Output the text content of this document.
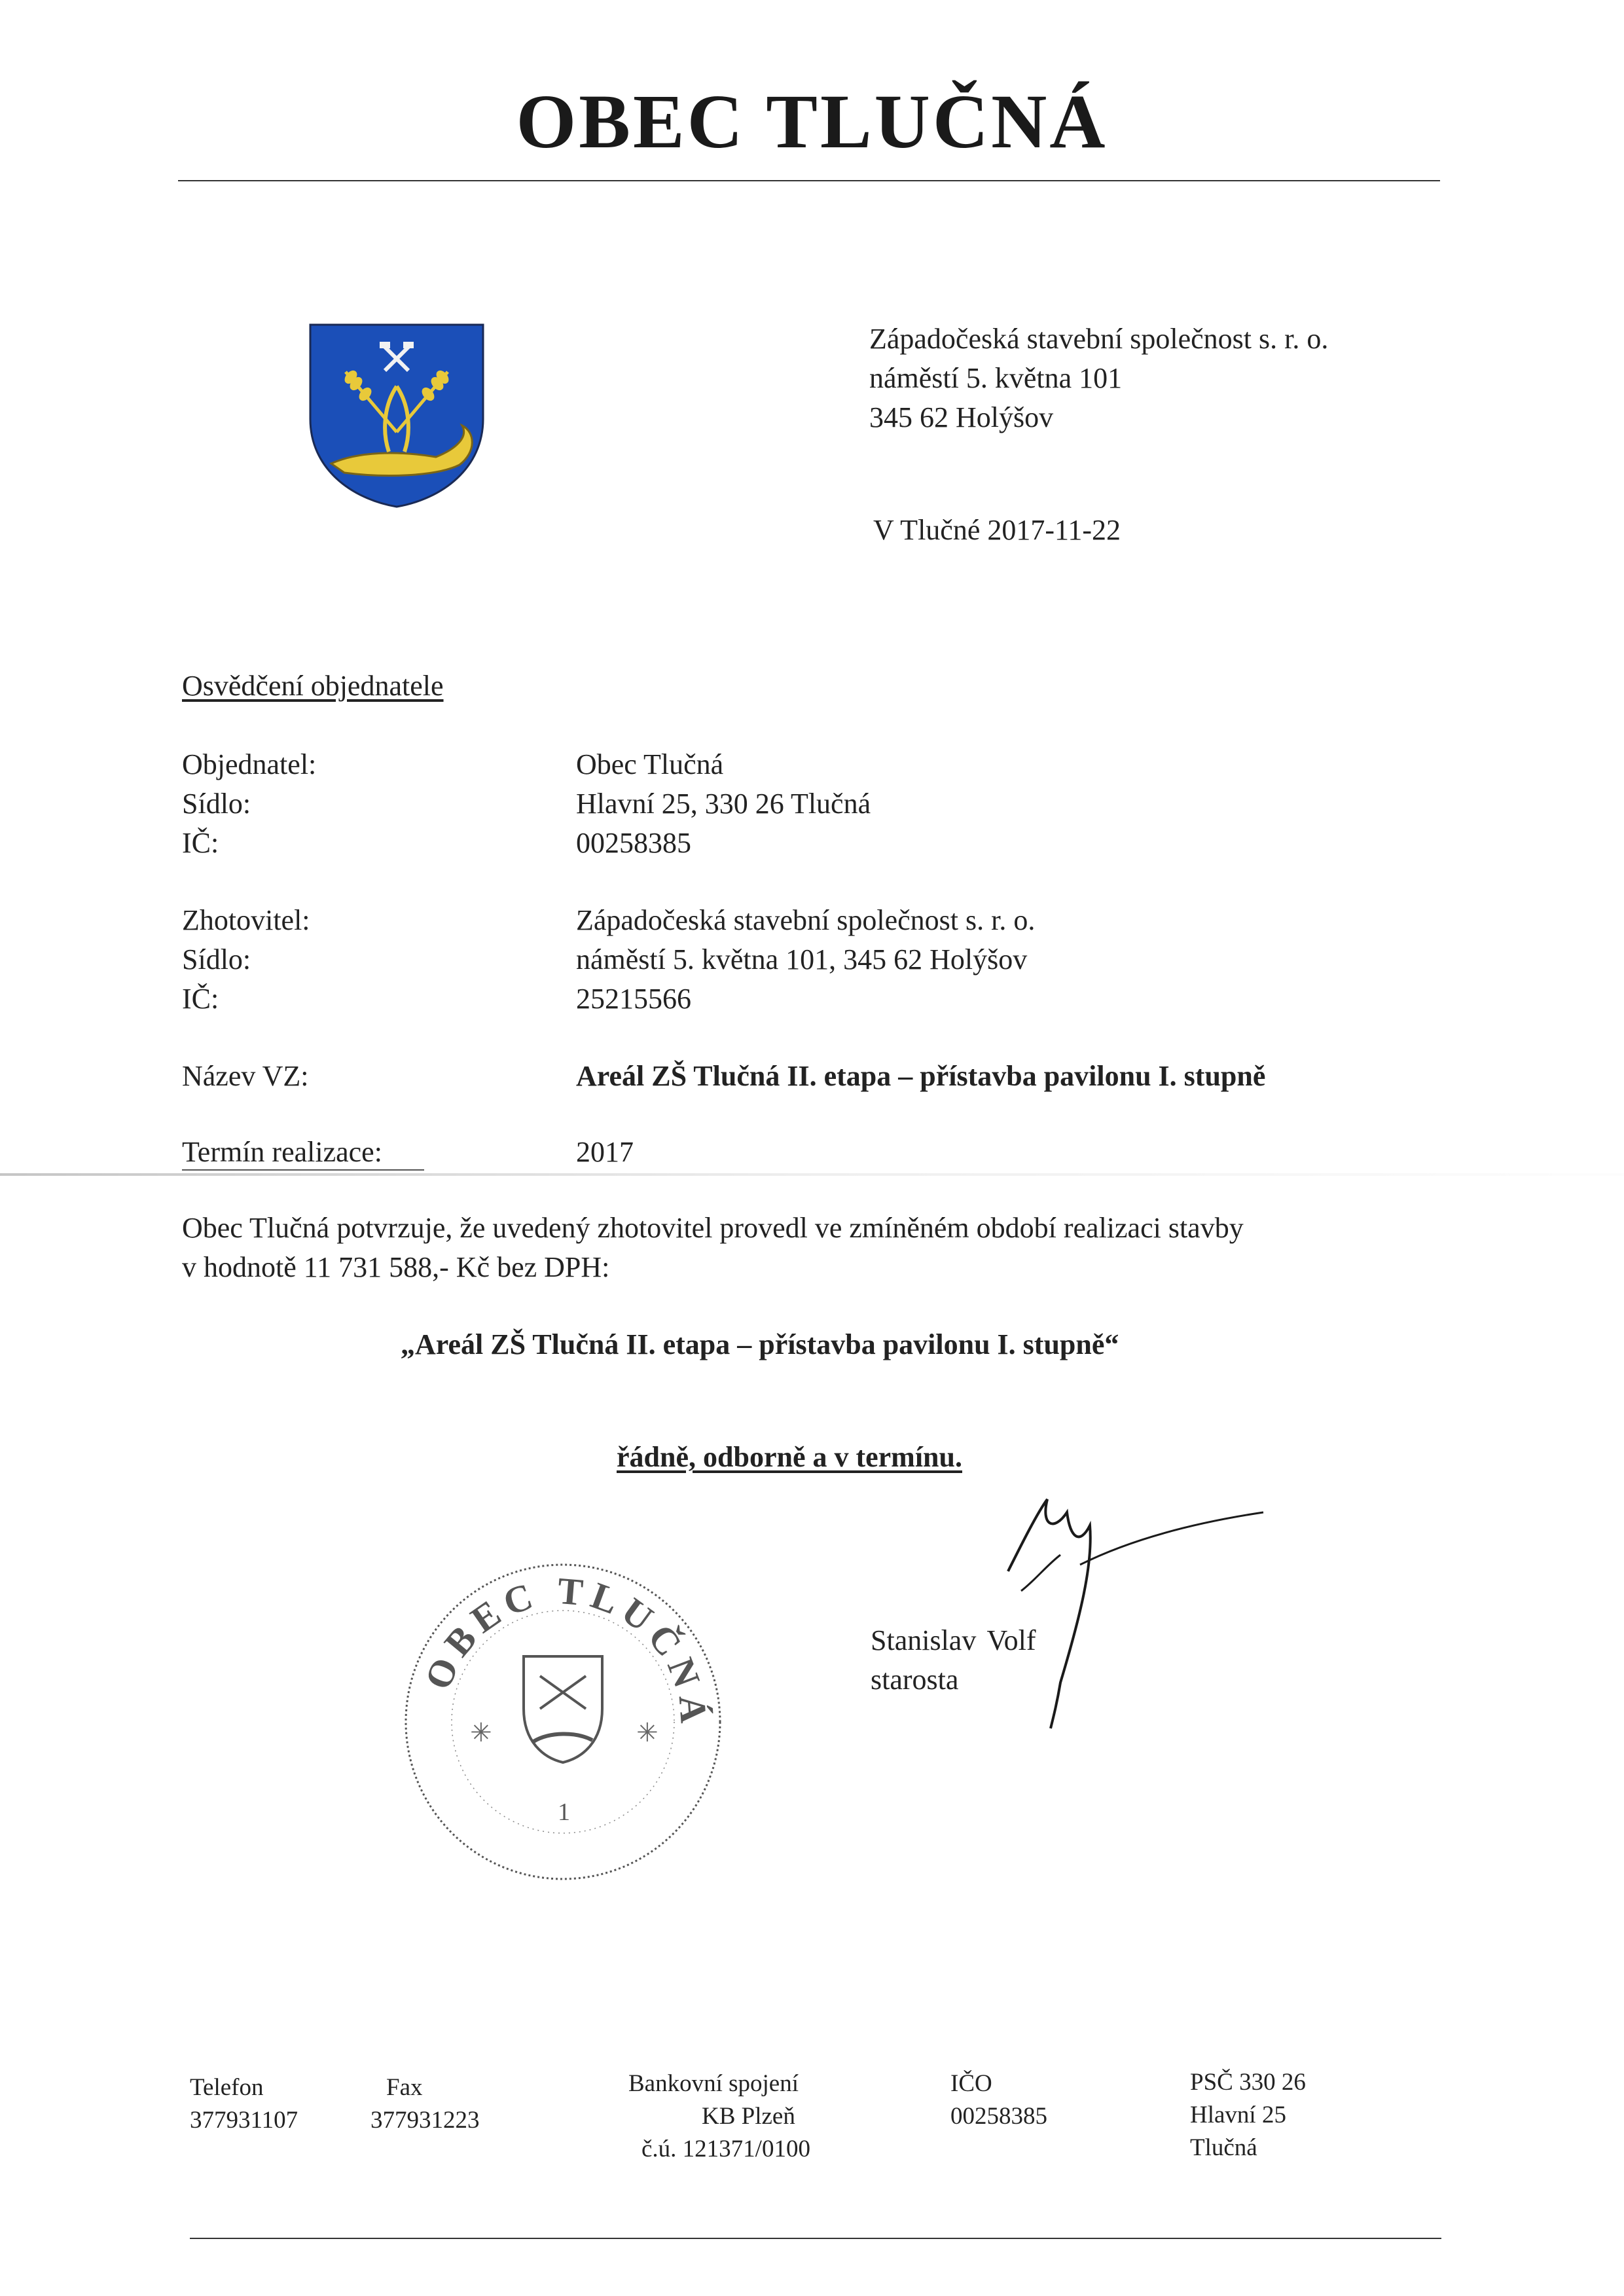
OBEC TLUČNÁ
Západočeská stavební společnost s. r. o.
náměstí 5. května 101
345 62 Holýšov
V Tlučné 2017-11-22
Osvědčení objednatele
Objednatel:	Obec Tlučná
Sídlo:	Hlavní 25, 330 26 Tlučná
IČ:	00258385
Zhotovitel:	Západočeská stavební společnost s. r. o.
Sídlo:	náměstí 5. května 101, 345 62 Holýšov
IČ:	25215566
Název VZ:	Areál ZŠ Tlučná II. etapa – přístavba pavilonu I. stupně
Termín realizace:	2017
Obec Tlučná potvrzuje, že uvedený zhotovitel provedl ve zmíněném období realizaci stavby
v hodnotě 11 731 588,- Kč bez DPH:
„Areál ZŠ Tlučná II. etapa – přístavba pavilonu I. stupně“
řádně, odborně a v termínu.
OBEC TLUČNÁ
✳	✳
1
Stanislav Volf
starosta
Telefon
377931107
Fax
377931223
Bankovní spojení
KB Plzeň
č.ú. 121371/0100
IČO
00258385
PSČ 330 26
Hlavní 25
Tlučná
